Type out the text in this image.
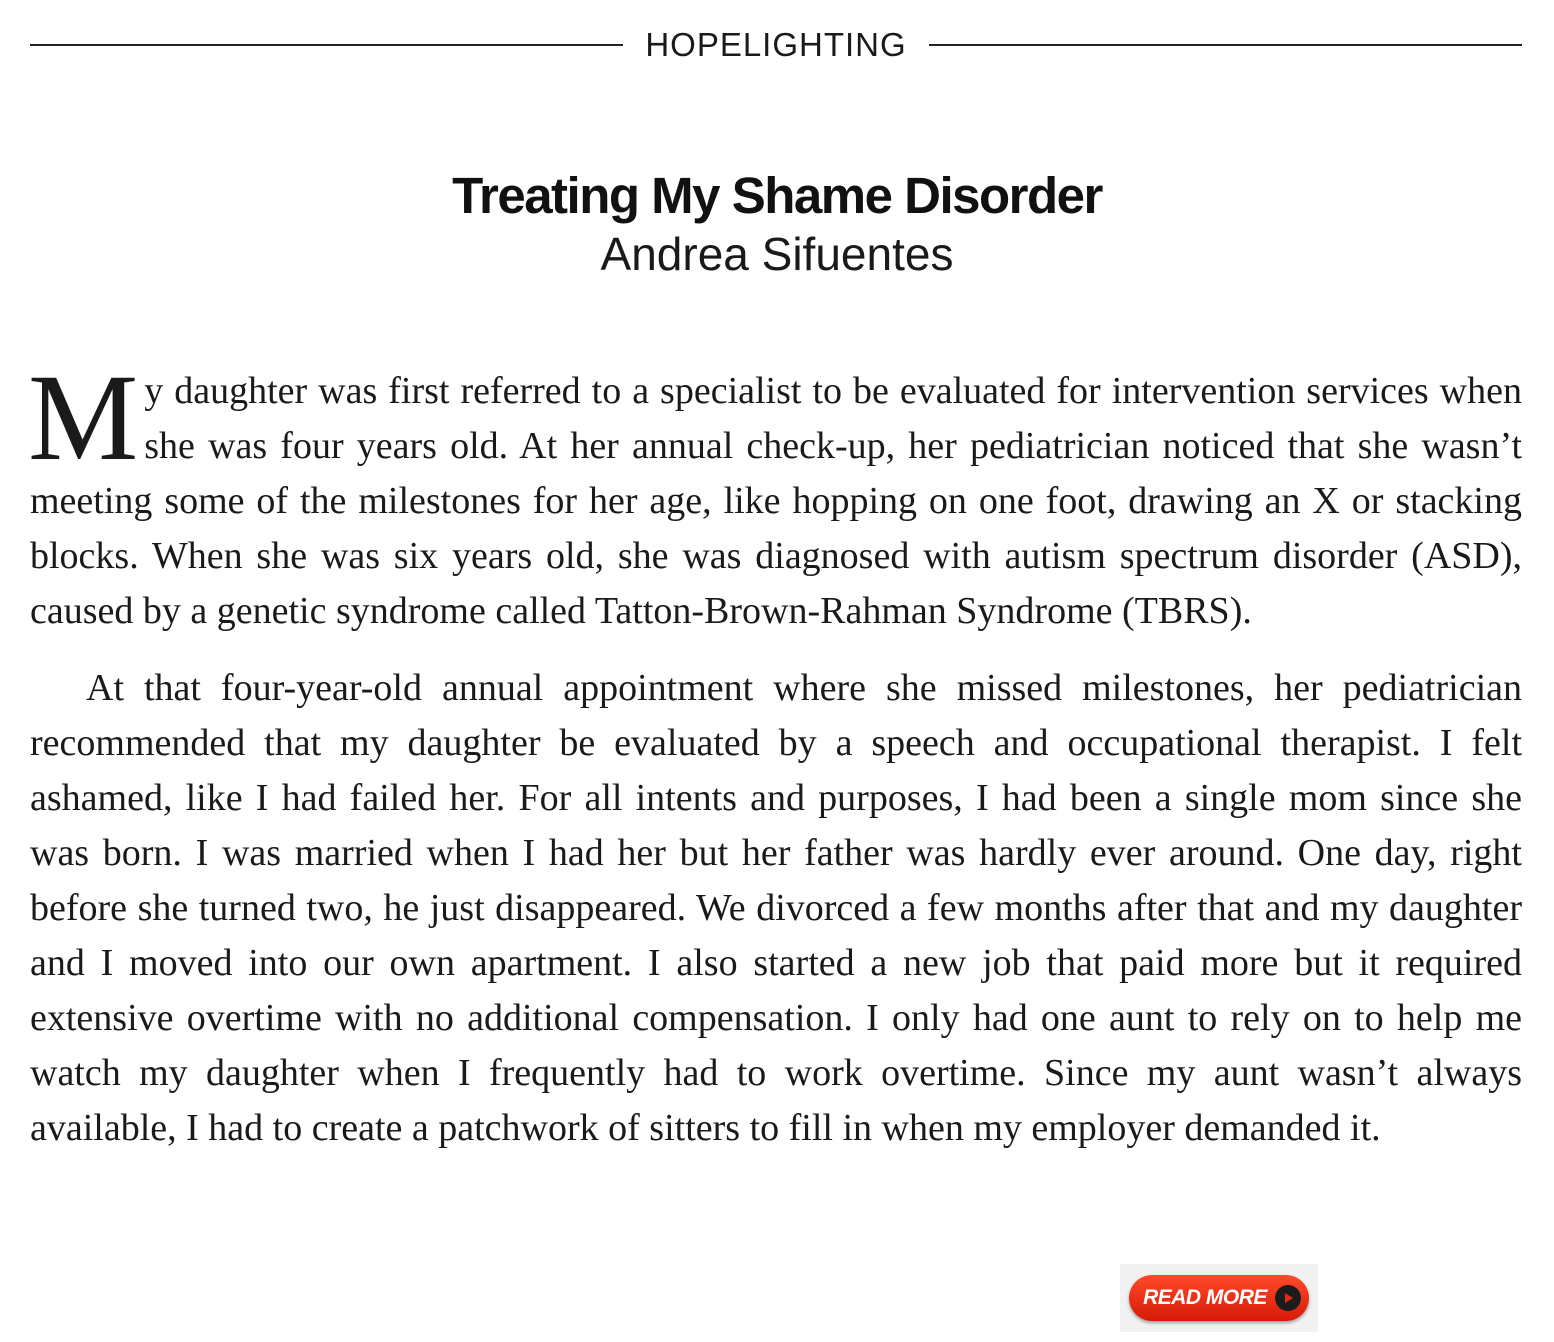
HOPELIGHTING
Treating My Shame Disorder

Andrea Sifuentes

My daughter was first referred to a specialist to be evaluated for intervention services when she was four years old. At her annual check-up, her pediatrician noticed that she wasn’t meeting some of the milestones for her age, like hopping on one foot, drawing an X or stacking blocks. When she was six years old, she was diagnosed with autism spectrum disorder (ASD), caused by a genetic syndrome called Tatton-Brown-Rahman Syndrome (TBRS).

At that four-year-old annual appointment where she missed milestones, her pediatrician recommended that my daughter be evaluated by a speech and occupational therapist. I felt ashamed, like I had failed her. For all intents and purposes, I had been a single mom since she was born. I was married when I had her but her father was hardly ever around. One day, right before she turned two, he just disappeared. We divorced a few months after that and my daughter and I moved into our own apartment. I also started a new job that paid more but it required extensive overtime with no additional compensation. I only had one aunt to rely on to help me watch my daughter when I frequently had to work overtime. Since my aunt wasn’t always available, I had to create a patchwork of sitters to fill in when my employer demanded it.

READ MORE
